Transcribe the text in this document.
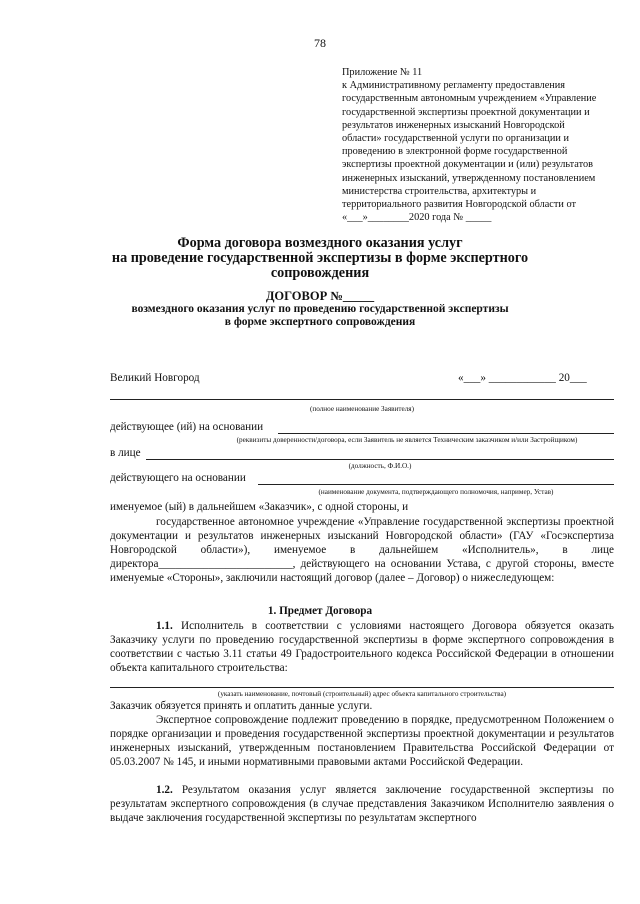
78
Приложение № 11
к Административному регламенту предоставления
государственным автономным учреждением «Управление
государственной экспертизы проектной документации и
результатов инженерных изысканий Новгородской
области» государственной услуги по организации и
проведению в электронной форме государственной
экспертизы проектной документации и (или) результатов
инженерных изысканий, утвержденному постановлением
министерства строительства, архитектуры и
территориального развития Новгородской области от
«___»________2020 года № _____
Форма договора возмездного оказания услуг
на проведение государственной экспертизы в форме экспертного
сопровождения
ДОГОВОР №_____
возмездного оказания услуг по проведению государственной экспертизы
в форме экспертного сопровождения
Великий Новгород	«___» ____________ 20___
(полное наименование Заявителя)
действующее (ий) на основании
(реквизиты доверенности/договора, если Заявитель не является Техническим заказчиком и/или Застройщиком)
в лице
(должность, Ф.И.О.)
действующего на основании
(наименование документа, подтверждающего полномочия, например, Устав)
именуемое (ый) в дальнейшем «Заказчик», с одной стороны, и
государственное автономное учреждение «Управление государственной экспертизы проектной документации и результатов инженерных изысканий Новгородской области» (ГАУ «Госэкспертиза Новгородской области»), именуемое в дальнейшем «Исполнитель», в лице директора________________________, действующего на основании Устава, с другой стороны, вместе именуемые «Стороны», заключили настоящий договор (далее – Договор) о нижеследующем:
1. Предмет Договора
1.1. Исполнитель в соответствии с условиями настоящего Договора обязуется оказать Заказчику услуги по проведению государственной экспертизы в форме экспертного сопровождения в соответствии с частью 3.11 статьи 49 Градостроительного кодекса Российской Федерации в отношении объекта капитального строительства:
(указать наименование, почтовый (строительный) адрес объекта капитального строительства)
Заказчик обязуется принять и оплатить данные услуги.
Экспертное сопровождение подлежит проведению в порядке, предусмотренном Положением о порядке организации и проведения государственной экспертизы проектной документации и результатов инженерных изысканий, утвержденным постановлением Правительства Российской Федерации от 05.03.2007 № 145, и иными нормативными правовыми актами Российской Федерации.
1.2. Результатом оказания услуг является заключение государственной экспертизы по результатам экспертного сопровождения (в случае представления Заказчиком Исполнителю заявления о выдаче заключения государственной экспертизы по результатам экспертного
